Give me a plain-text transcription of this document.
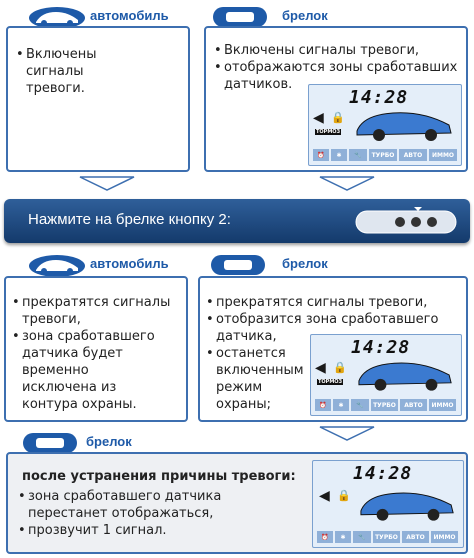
автомобиль	брелок
• Включены
сигналы
тревоги.
• Включены сигналы тревоги,
• отображаются зоны сработавших
датчиков.
14:28
◀ 🔒
ТОРМОЗ
⏰	✱	🔧	ТУРБО	АВТО	ИММО
Нажмите на брелке кнопку 2:
автомобиль	брелок
• прекратятся сигналы
тревоги,
• зона сработавшего
датчика будет
временно
исключена из
контура охраны.
• прекратятся сигналы тревоги,
• отобразится зона сработавшего
датчика,
• останется
включенным
режим
охраны;
14:28
◀ 🔒
ТОРМОЗ
⏰	✱	🔧	ТУРБО	АВТО	ИММО
брелок
после устранения причины тревоги:
• зона сработавшего датчика
перестанет отображаться,
• прозвучит 1 сигнал.
14:28
◀ 🔒
⏰	✱	🔧	ТУРБО	АВТО	ИММО
